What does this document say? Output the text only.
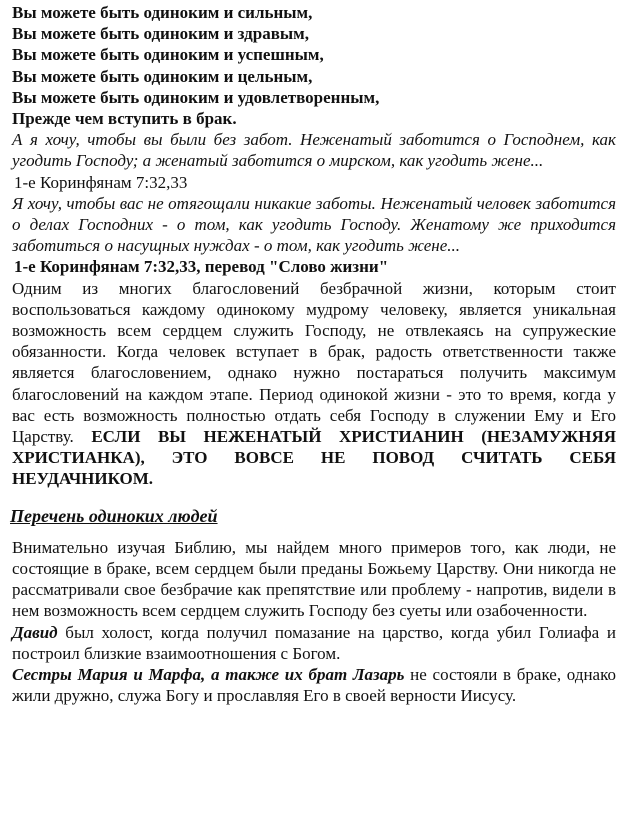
Вы можете быть одиноким и сильным,

Вы можете быть одиноким и здравым,

Вы можете быть одиноким и успешным,

Вы можете быть одиноким и цельным,

Вы можете быть одиноким и удовлетворенным,

Прежде чем вступить в брак.

А я хочу, чтобы вы были без забот. Неженатый заботится о Господнем, как угодить Господу; а женатый заботится о мирском, как угодить жене...

1-е Коринфянам 7:32,33

Я хочу, чтобы вас не отягощали никакие заботы. Неженатый человек заботится о делах Господних - о том, как угодить Господу. Женатому же приходится заботиться о насущных нуждах - о том, как угодить жене...

1-е Коринфянам 7:32,33, перевод "Слово жизни"

Одним из многих благословений безбрачной жизни, которым стоит воспользоваться каждому одинокому мудрому человеку, является уникальная возможность всем сердцем служить Господу, не отвлекаясь на супружеские обязанности. Когда человек вступает в брак, радость ответственности также является благословением, однако нужно постараться получить максимум благословений на каждом этапе. Период одинокой жизни - это то время, когда у вас есть возможность полностью отдать себя Господу в служении Ему и Его Царству. ЕСЛИ ВЫ НЕЖЕНАТЫЙ ХРИСТИАНИН (НЕЗАМУЖНЯЯ ХРИСТИАНКА), ЭТО ВОВСЕ НЕ ПОВОД СЧИТАТЬ СЕБЯ НЕУДАЧНИКОМ.

Перечень одиноких людей

Внимательно изучая Библию, мы найдем много примеров того, как люди, не состоящие в браке, всем сердцем были преданы Божьему Царству. Они никогда не рассматривали свое безбрачие как препятствие или проблему - напротив, видели в нем возможность всем сердцем служить Господу без суеты или озабоченности.

Давид был холост, когда получил помазание на царство, когда убил Голиафа и построил близкие взаимоотношения с Богом.

Сестры Мария и Марфа, а также их брат Лазарь не состояли в браке, однако жили дружно, служа Богу и прославляя Его в своей верности Иисусу.
